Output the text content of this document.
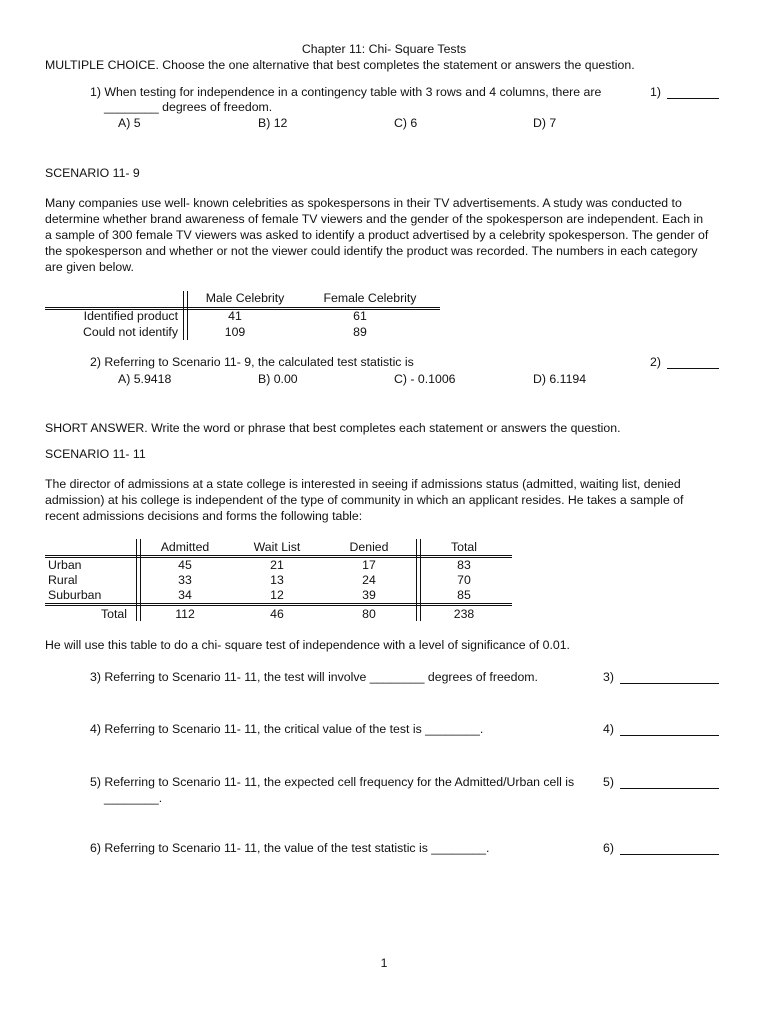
Chapter 11: Chi- Square Tests
MULTIPLE CHOICE. Choose the one alternative that best completes the statement or answers the question.
1) When testing for independence in a contingency table with 3 rows and 4 columns, there are
________ degrees of freedom.
1)
A) 5	B) 12	C) 6	D) 7
SCENARIO 11- 9
Many companies use well- known celebrities as spokespersons in their TV advertisements. A study was conducted to
determine whether brand awareness of female TV viewers and the gender of the spokesperson are independent. Each in
a sample of 300 female TV viewers was asked to identify a product advertised by a celebrity spokesperson. The gender of
the spokesperson and whether or not the viewer could identify the product was recorded. The numbers in each category
are given below.
Male Celebrity	Female Celebrity
Identified product	41	61
Could not identify	109	89
2) Referring to Scenario 11- 9, the calculated test statistic is	2)
A) 5.9418	B) 0.00	C) - 0.1006	D) 6.1194
SHORT ANSWER. Write the word or phrase that best completes each statement or answers the question.
SCENARIO 11- 11
The director of admissions at a state college is interested in seeing if admissions status (admitted, waiting list, denied
admission) at his college is independent of the type of community in which an applicant resides. He takes a sample of
recent admissions decisions and forms the following table:
Admitted	Wait List	Denied	Total
Urban	45	21	17	83
Rural	33	13	24	70
Suburban	34	12	39	85
Total	112	46	80	238
He will use this table to do a chi- square test of independence with a level of significance of 0.01.
3) Referring to Scenario 11- 11, the test will involve ________ degrees of freedom.	3)
4) Referring to Scenario 11- 11, the critical value of the test is ________.	4)
5) Referring to Scenario 11- 11, the expected cell frequency for the Admitted/Urban cell is
________.
5)
6) Referring to Scenario 11- 11, the value of the test statistic is ________.	6)
1
